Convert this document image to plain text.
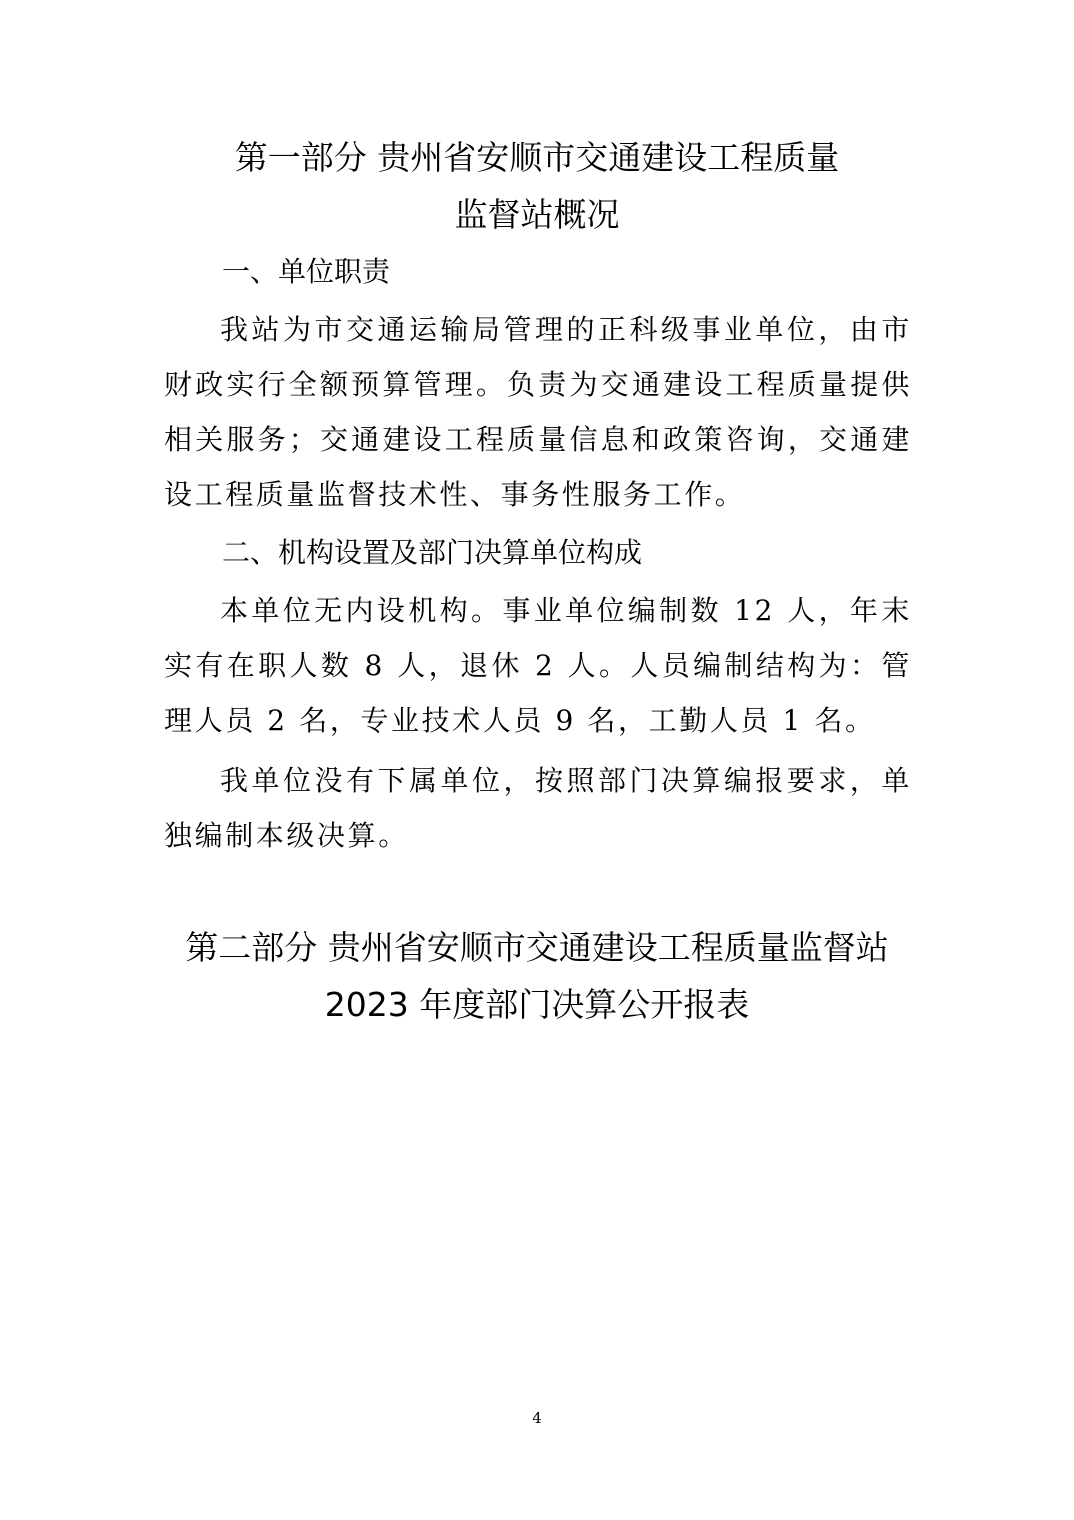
第一部分 贵州省安顺市交通建设工程质量
监督站概况
一、单位职责

我站为市交通运输局管理的正科级事业单位，由市财政实行全额预算管理。负责为交通建设工程质量提供相关服务；交通建设工程质量信息和政策咨询，交通建设工程质量监督技术性、事务性服务工作。

二、机构设置及部门决算单位构成

本单位无内设机构。事业单位编制数 12 人，年末实有在职人数 8 人，退休 2 人。人员编制结构为：管理人员 2 名，专业技术人员 9 名，工勤人员 1 名。

我单位没有下属单位，按照部门决算编报要求，单独编制本级决算。

第二部分 贵州省安顺市交通建设工程质量监督站
2023 年度部门决算公开报表
4
